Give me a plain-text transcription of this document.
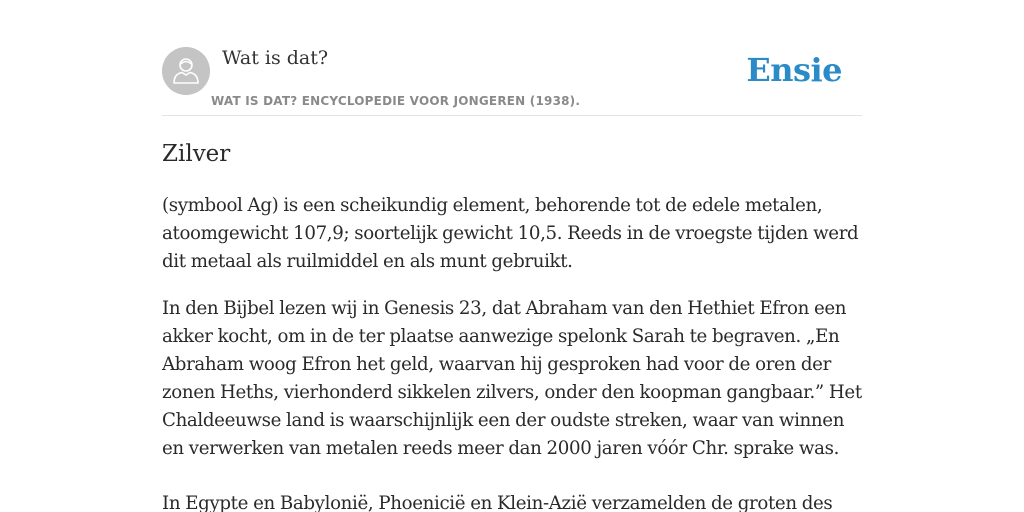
Wat is dat?
WAT IS DAT? ENCYCLOPEDIE VOOR JONGEREN (1938).
Ensie
Zilver

(symbool Ag) is een scheikundig element, behorende tot de edele metalen, atoomgewicht 107,9; soortelijk gewicht 10,5. Reeds in de vroegste tijden werd dit metaal als ruilmiddel en als munt gebruikt.

In den Bijbel lezen wij in Genesis 23, dat Abraham van den Hethiet Efron een akker kocht, om in de ter plaatse aanwezige spelonk Sarah te begraven. „En Abraham woog Efron het geld, waarvan hij gesproken had voor de oren der zonen Heths, vierhonderd sikkelen zilvers, onder den koopman gangbaar.” Het Chaldeeuwse land is waarschijnlijk een der oudste streken, waar van winnen en verwerken van metalen reeds meer dan 2000 jaren vóór Chr. sprake was.

In Egypte en Babylonië, Phoenicië en Klein-Azië verzamelden de groten des
